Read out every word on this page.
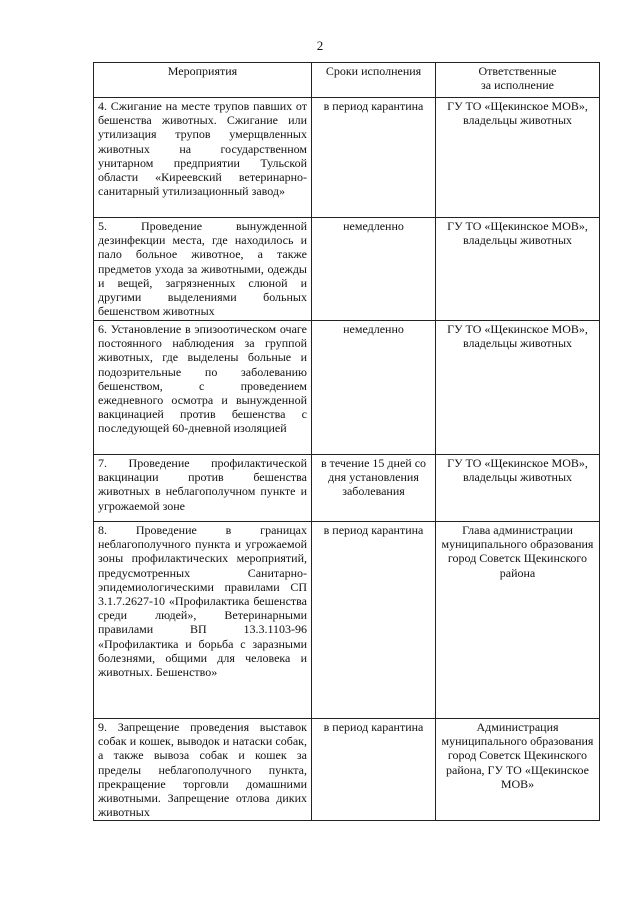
2
Мероприятия	Сроки исполнения	Ответственные
за исполнение
4. Сжигание на месте трупов павших от бешенства животных. Сжигание или утилизация трупов умерщвленных животных на государственном унитарном предприятии Тульской области «Киреевский ветеринарно-санитарный утилизационный завод»	в период карантина	ГУ ТО «Щекинское МОВ», владельцы животных
5. Проведение вынужденной дезинфекции места, где находилось и пало больное животное, а также предметов ухода за животными, одежды и вещей, загрязненных слюной и другими выделениями больных бешенством животных	немедленно	ГУ ТО «Щекинское МОВ», владельцы животных
6. Установление в эпизоотическом очаге постоянного наблюдения за группой животных, где выделены больные и подозрительные по заболеванию бешенством, с проведением ежедневного осмотра и вынужденной вакцинацией против бешенства с последующей 60-дневной изоляцией	немедленно	ГУ ТО «Щекинское МОВ», владельцы животных
7. Проведение профилактической вакцинации против бешенства животных в неблагополучном пункте и угрожаемой зоне	в течение 15 дней со дня установления заболевания	ГУ ТО «Щекинское МОВ», владельцы животных
8. Проведение в границах неблагополучного пункта и угрожаемой зоны профилактических мероприятий, предусмотренных Санитарно-эпидемиологическими правилами СП 3.1.7.2627-10 «Профилактика бешенства среди людей», Ветеринарными правилами ВП 13.3.1103-96 «Профилактика и борьба с заразными болезнями, общими для человека и животных. Бешенство»	в период карантина	Глава администрации муниципального образования город Советск Щекинского района
9. Запрещение проведения выставок собак и кошек, выводок и натаски собак, а также вывоза собак и кошек за пределы неблагополучного пункта, прекращение торговли домашними животными. Запрещение отлова диких животных	в период карантина	Администрация муниципального образования город Советск Щекинского района, ГУ ТО «Щекинское МОВ»
